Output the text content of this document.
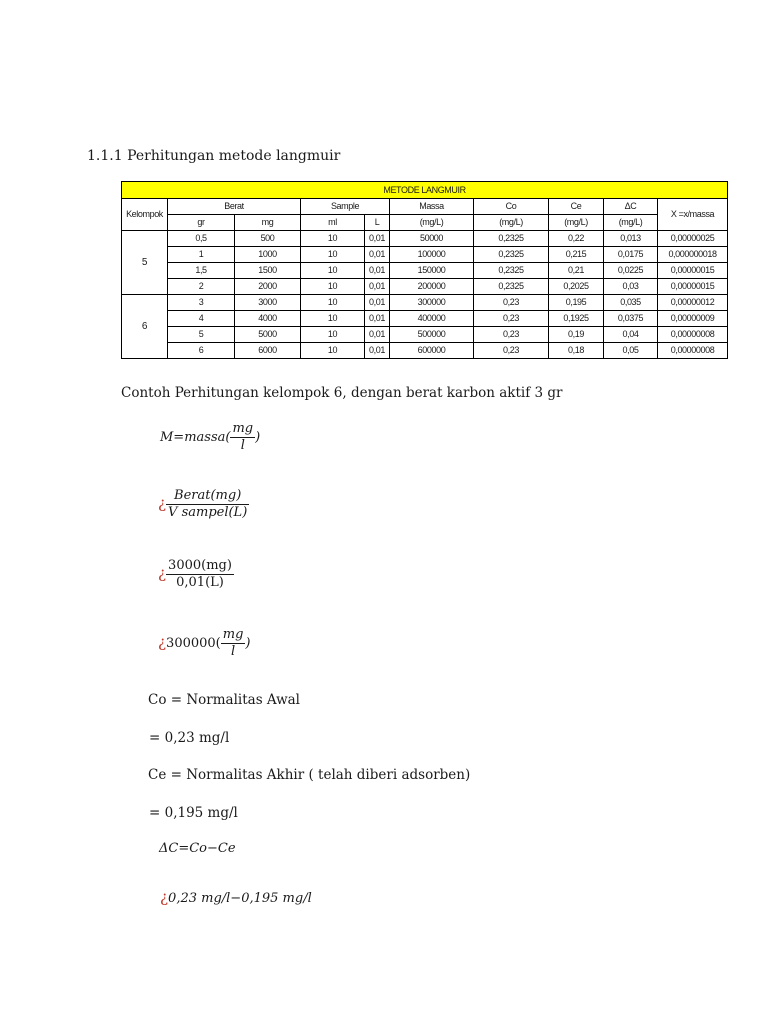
1.1.1 Perhitungan metode langmuir
METODE LANGMUIR									
Kelompok	Berat		Sample		Massa	Co	Ce	ΔC	X =x/massa
	gr	mg	ml	L	(mg/L)	(mg/L)	(mg/L)	(mg/L)	
5	0,5	500	10	0,01	50000	0,2325	0,22	0,013	0,00000025
	1	1000	10	0,01	100000	0,2325	0,215	0,0175	0,000000018
	1,5	1500	10	0,01	150000	0,2325	0,21	0,0225	0,00000015
	2	2000	10	0,01	200000	0,2325	0,2025	0,03	0,00000015
6	3	3000	10	0,01	300000	0,23	0,195	0,035	0,00000012
	4	4000	10	0,01	400000	0,23	0,1925	0,0375	0,00000009
	5	5000	10	0,01	500000	0,23	0,19	0,04	0,00000008
	6	6000	10	0,01	600000	0,23	0,18	0,05	0,00000008
Contoh Perhitungan kelompok 6, dengan berat karbon aktif 3 gr
M=massa( $\frac{mg}{l}$ )
¿ $\frac{\text{Berat(mg)}}{\text{V sampel(L)}}$
¿ $\frac{3000(mg)}{0,01(L)}$
¿$300000( \frac{mg}{l}$ )
Co = Normalitas Awal
= 0,23 mg/l
Ce = Normalitas Akhir ( telah diberi adsorben)
= 0,195 mg/l
ΔC=Co−Ce
¿0,23 mg/l−0,195 mg/l
